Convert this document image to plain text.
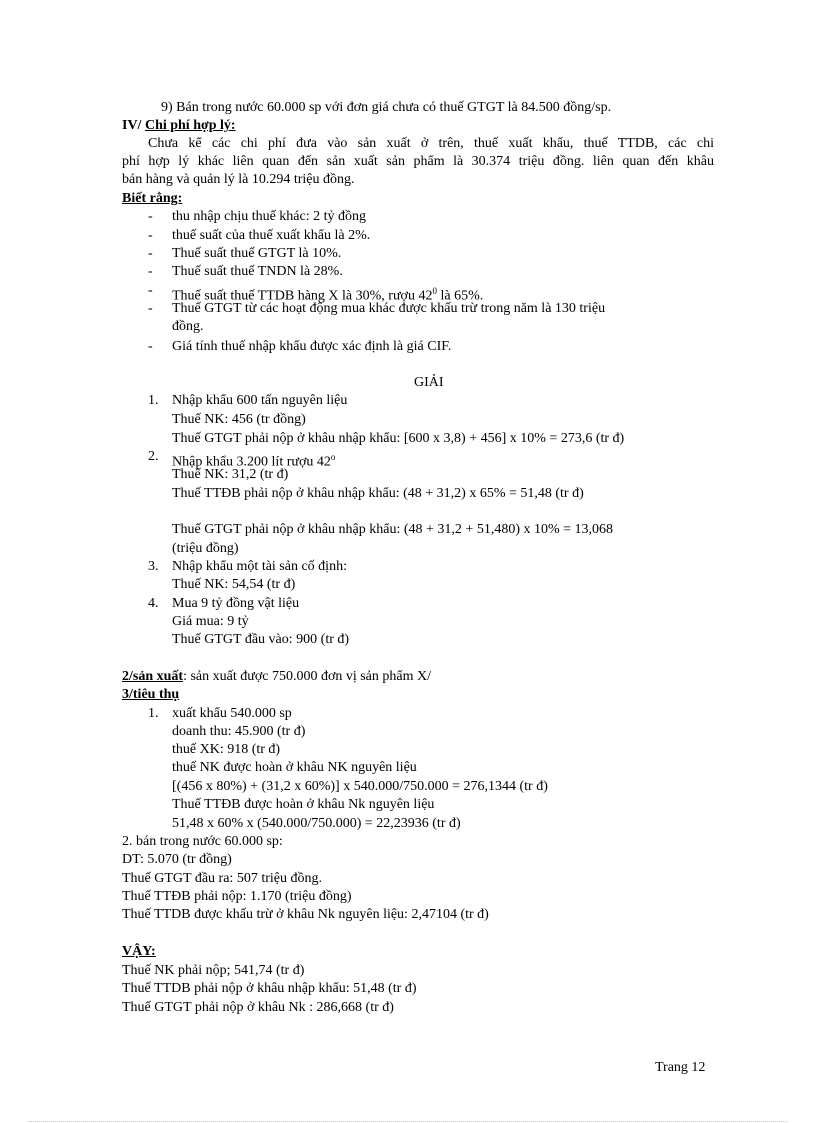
9) Bán trong nước 60.000 sp với đơn giá chưa có thuế GTGT là 84.500 đồng/sp.
IV/ Chi phí hợp lý:
Chưa kể các chi phí đưa vào sản xuất ở trên, thuế xuất khẩu, thuế TTDB, các chi
phí hợp lý khác liên quan đến sản xuất sản phẩm là 30.374 triệu đồng. liên quan đến khâu
bán hàng và quản lý là 10.294 triệu đồng.
Biết rằng:
- thu nhập chịu thuế khác: 2 tỷ đồng
- thuế suất của thuế xuất khẩu là 2%.
- Thuế suất thuế GTGT là 10%.
- Thuế suất thuế TNDN là 28%.
- Thuế suất thuế TTDB hàng X là 30%, rượu $42^0$ là 65%.
- Thuế GTGT từ các hoạt động mua khác được khấu trừ trong năm là 130 triệu
đồng.
- Giá tính thuế nhập khẩu được xác định là giá CIF.
GIẢI
1. Nhập khẩu 600 tấn nguyên liệu
Thuế NK: 456 (tr đồng)
Thuế GTGT phải nộp ở khâu nhập khẩu: [600 x 3,8) + 456] x 10% = 273,6 (tr đ)
2. Nhập khẩu 3.200 lít rượu 42$^o$
Thuế NK: 31,2 (tr đ)
Thuế TTĐB phải nộp ở khâu nhập khẩu: (48 + 31,2) x 65% = 51,48 (tr đ)
Thuế GTGT phải nộp ở khâu nhập khẩu: (48 + 31,2 + 51,480) x 10% = 13,068
(triệu đồng)
3. Nhập khẩu một tài sản cố định:
Thuế NK: 54,54 (tr đ)
4. Mua 9 tỷ đồng vật liệu
Giá mua: 9 tỷ
Thuế GTGT đầu vào: 900 (tr đ)
2/sản xuất: sản xuất được 750.000 đơn vị sản phẩm X/
3/tiêu thụ
1. xuất khẩu 540.000 sp
doanh thu: 45.900 (tr đ)
thuế XK: 918 (tr đ)
thuế NK được hoàn ở khâu NK nguyên liệu
[(456 x 80%) + (31,2 x 60%)] x 540.000/750.000 = 276,1344 (tr đ)
Thuế TTĐB được hoàn ở khâu Nk nguyên liệu
51,48 x 60% x (540.000/750.000) = 22,23936 (tr đ)
2. bán trong nước 60.000 sp:
DT: 5.070 (tr đồng)
Thuế GTGT đầu ra: 507 triệu đồng.
Thuế TTĐB phải nộp: 1.170 (triệu đồng)
Thuế TTDB được khấu trừ ở khâu Nk nguyên liệu: 2,47104 (tr đ)
VẬY:
Thuế NK phải nộp; 541,74 (tr đ)
Thuế TTDB phải nộp ở khâu nhập khẩu: 51,48 (tr đ)
Thuế GTGT phải nộp ở khâu Nk : 286,668 (tr đ)
Trang 12
